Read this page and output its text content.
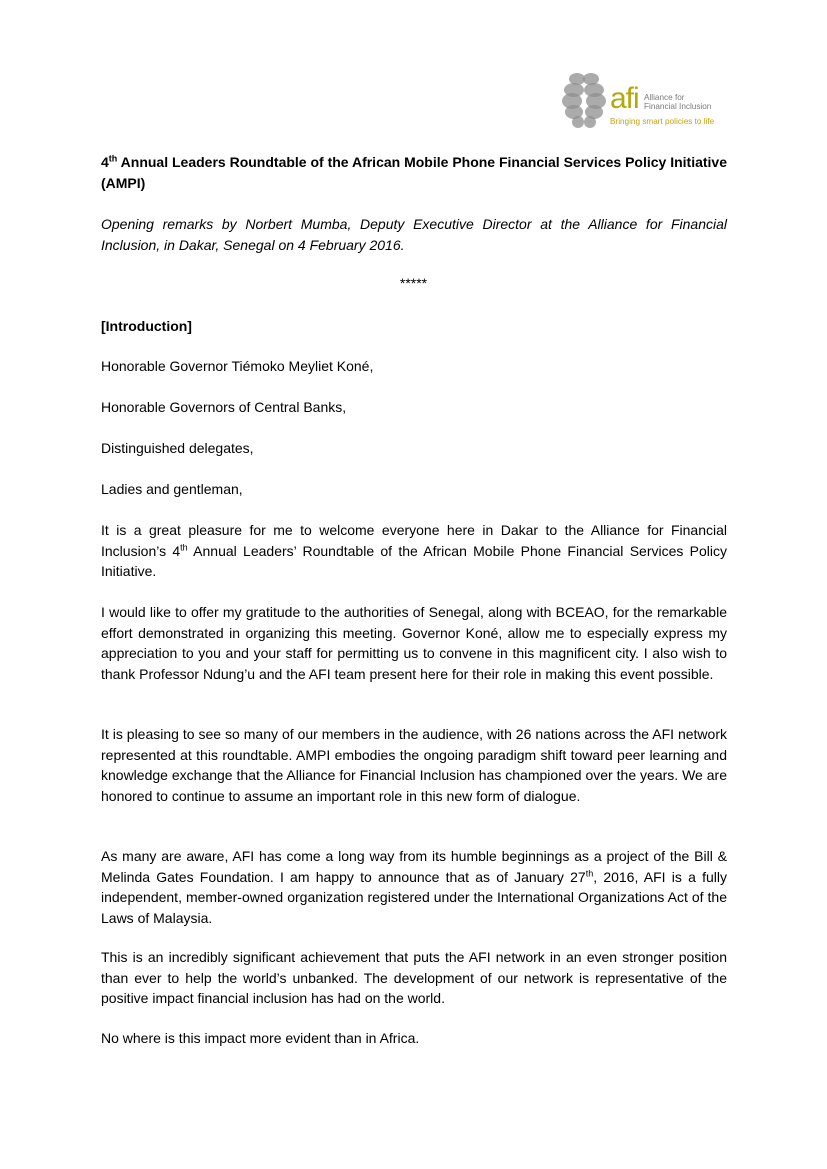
afi Alliance for
Financial Inclusion
Bringing smart policies to life
4th Annual Leaders Roundtable of the African Mobile Phone Financial Services Policy Initiative (AMPI)
Opening remarks by Norbert Mumba, Deputy Executive Director at the Alliance for Financial Inclusion, in Dakar, Senegal on 4 February 2016.
*****
[Introduction]
Honorable Governor Tiémoko Meyliet Koné,
Honorable Governors of Central Banks,
Distinguished delegates,
Ladies and gentleman,
It is a great pleasure for me to welcome everyone here in Dakar to the Alliance for Financial Inclusion’s 4th Annual Leaders’ Roundtable of the African Mobile Phone Financial Services Policy Initiative.
I would like to offer my gratitude to the authorities of Senegal, along with BCEAO, for the remarkable effort demonstrated in organizing this meeting. Governor Koné, allow me to especially express my appreciation to you and your staff for permitting us to convene in this magnificent city. I also wish to thank Professor Ndung’u and the AFI team present here for their role in making this event possible.
It is pleasing to see so many of our members in the audience, with 26 nations across the AFI network represented at this roundtable. AMPI embodies the ongoing paradigm shift toward peer learning and knowledge exchange that the Alliance for Financial Inclusion has championed over the years. We are honored to continue to assume an important role in this new form of dialogue.
As many are aware, AFI has come a long way from its humble beginnings as a project of the Bill & Melinda Gates Foundation. I am happy to announce that as of January 27th, 2016, AFI is a fully independent, member-owned organization registered under the International Organizations Act of the Laws of Malaysia.
This is an incredibly significant achievement that puts the AFI network in an even stronger position than ever to help the world’s unbanked. The development of our network is representative of the positive impact financial inclusion has had on the world.
No where is this impact more evident than in Africa.
